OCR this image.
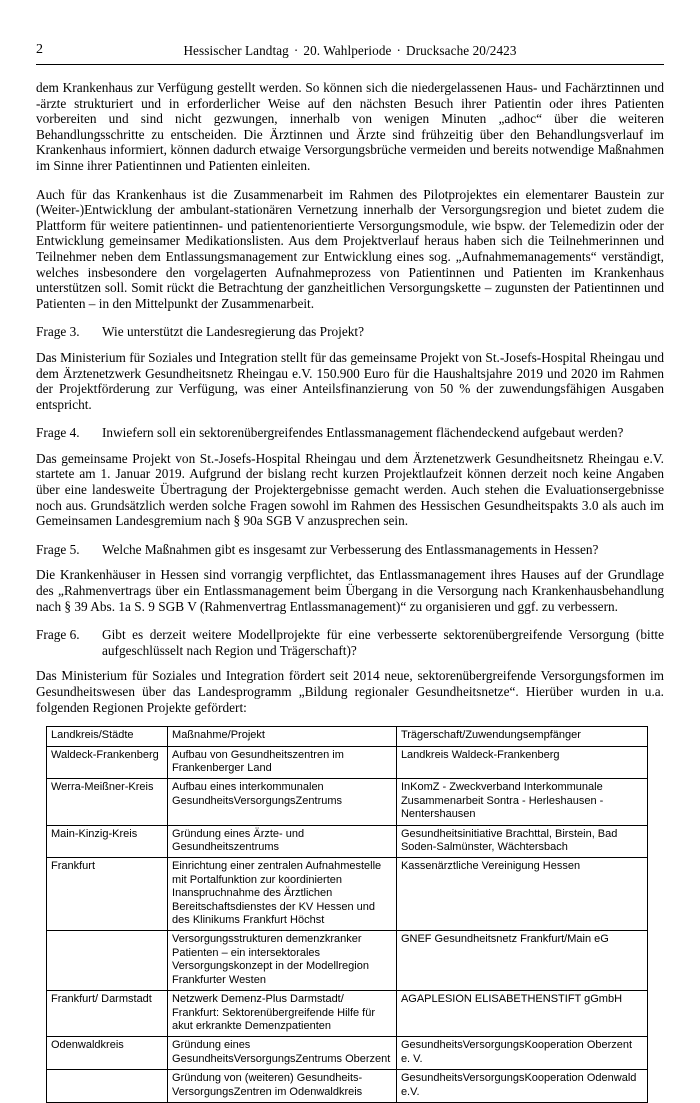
2	Hessischer Landtag · 20. Wahlperiode · Drucksache 20/2423

dem Krankenhaus zur Verfügung gestellt werden. So können sich die niedergelassenen Haus- und Fachärztinnen und -ärzte strukturiert und in erforderlicher Weise auf den nächsten Besuch ihrer Patientin oder ihres Patienten vorbereiten und sind nicht gezwungen, innerhalb von wenigen Minuten „adhoc“ über die weiteren Behandlungsschritte zu entscheiden. Die Ärztinnen und Ärzte sind frühzeitig über den Behandlungsverlauf im Krankenhaus informiert, können dadurch etwaige Versorgungsbrüche vermeiden und bereits notwendige Maßnahmen im Sinne ihrer Patientinnen und Patienten einleiten.

Auch für das Krankenhaus ist die Zusammenarbeit im Rahmen des Pilotprojektes ein elementarer Baustein zur (Weiter-)Entwicklung der ambulant-stationären Vernetzung innerhalb der Versorgungsregion und bietet zudem die Plattform für weitere patientinnen- und patientenorientierte Versorgungsmodule, wie bspw. der Telemedizin oder der Entwicklung gemeinsamer Medikationslisten. Aus dem Projektverlauf heraus haben sich die Teilnehmerinnen und Teilnehmer neben dem Entlassungsmanagement zur Entwicklung eines sog. „Aufnahmemanagements“ verständigt, welches insbesondere den vorgelagerten Aufnahmeprozess von Patientinnen und Patienten im Krankenhaus unterstützen soll. Somit rückt die Betrachtung der ganzheitlichen Versorgungskette – zugunsten der Patientinnen und Patienten – in den Mittelpunkt der Zusammenarbeit.

Frage 3.	Wie unterstützt die Landesregierung das Projekt?

Das Ministerium für Soziales und Integration stellt für das gemeinsame Projekt von St.-Josefs-Hospital Rheingau und dem Ärztenetzwerk Gesundheitsnetz Rheingau e.V. 150.900 Euro für die Haushaltsjahre 2019 und 2020 im Rahmen der Projektförderung zur Verfügung, was einer Anteilsfinanzierung von 50 % der zuwendungsfähigen Ausgaben entspricht.

Frage 4.	Inwiefern soll ein sektorenübergreifendes Entlassmanagement flächendeckend aufgebaut werden?

Das gemeinsame Projekt von St.-Josefs-Hospital Rheingau und dem Ärztenetzwerk Gesundheitsnetz Rheingau e.V. startete am 1. Januar 2019. Aufgrund der bislang recht kurzen Projektlaufzeit können derzeit noch keine Angaben über eine landesweite Übertragung der Projektergebnisse gemacht werden. Auch stehen die Evaluationsergebnisse noch aus. Grundsätzlich werden solche Fragen sowohl im Rahmen des Hessischen Gesundheitspakts 3.0 als auch im Gemeinsamen Landesgremium nach § 90a SGB V anzusprechen sein.

Frage 5.	Welche Maßnahmen gibt es insgesamt zur Verbesserung des Entlassmanagements in Hessen?

Die Krankenhäuser in Hessen sind vorrangig verpflichtet, das Entlassmanagement ihres Hauses auf der Grundlage des „Rahmenvertrags über ein Entlassmanagement beim Übergang in die Versorgung nach Krankenhausbehandlung nach § 39 Abs. 1a S. 9 SGB V (Rahmenvertrag Entlassmanagement)“ zu organisieren und ggf. zu verbessern.

Frage 6.	Gibt es derzeit weitere Modellprojekte für eine verbesserte sektorenübergreifende Versorgung (bitte aufgeschlüsselt nach Region und Trägerschaft)?

Das Ministerium für Soziales und Integration fördert seit 2014 neue, sektorenübergreifende Versorgungsformen im Gesundheitswesen über das Landesprogramm „Bildung regionaler Gesundheitsnetze“. Hierüber wurden in u.a. folgenden Regionen Projekte gefördert:

Landkreis/Städte	Maßnahme/Projekt	Trägerschaft/Zuwendungsempfänger
Waldeck-Frankenberg	Aufbau von Gesundheitszentren im Frankenberger Land	Landkreis Waldeck-Frankenberg
Werra-Meißner-Kreis	Aufbau eines interkommunalen GesundheitsVersorgungsZentrums	InKomZ - Zweckverband Interkommunale Zusammenarbeit Sontra - Herleshausen - Nentershausen
Main-Kinzig-Kreis	Gründung eines Ärzte- und Gesundheitszentrums	Gesundheitsinitiative Brachttal, Birstein, Bad Soden-Salmünster, Wächtersbach
Frankfurt	Einrichtung einer zentralen Aufnahmestelle mit Portalfunktion zur koordinierten Inanspruchnahme des Ärztlichen Bereitschaftsdienstes der KV Hessen und des Klinikums Frankfurt Höchst	Kassenärztliche Vereinigung Hessen
	Versorgungsstrukturen demenzkranker Patienten – ein intersektorales Versorgungskonzept in der Modellregion Frankfurter Westen	GNEF Gesundheitsnetz Frankfurt/Main eG
Frankfurt/ Darmstadt	Netzwerk Demenz-Plus Darmstadt/ Frankfurt: Sektorenübergreifende Hilfe für akut erkrankte Demenzpatienten	AGAPLESION ELISABETHENSTIFT gGmbH
Odenwaldkreis	Gründung eines GesundheitsVersorgungsZentrums Oberzent	GesundheitsVersorgungsKooperation Oberzent e. V.
	Gründung von (weiteren) Gesundheits-VersorgungsZentren im Odenwaldkreis	GesundheitsVersorgungsKooperation Odenwald e.V.
